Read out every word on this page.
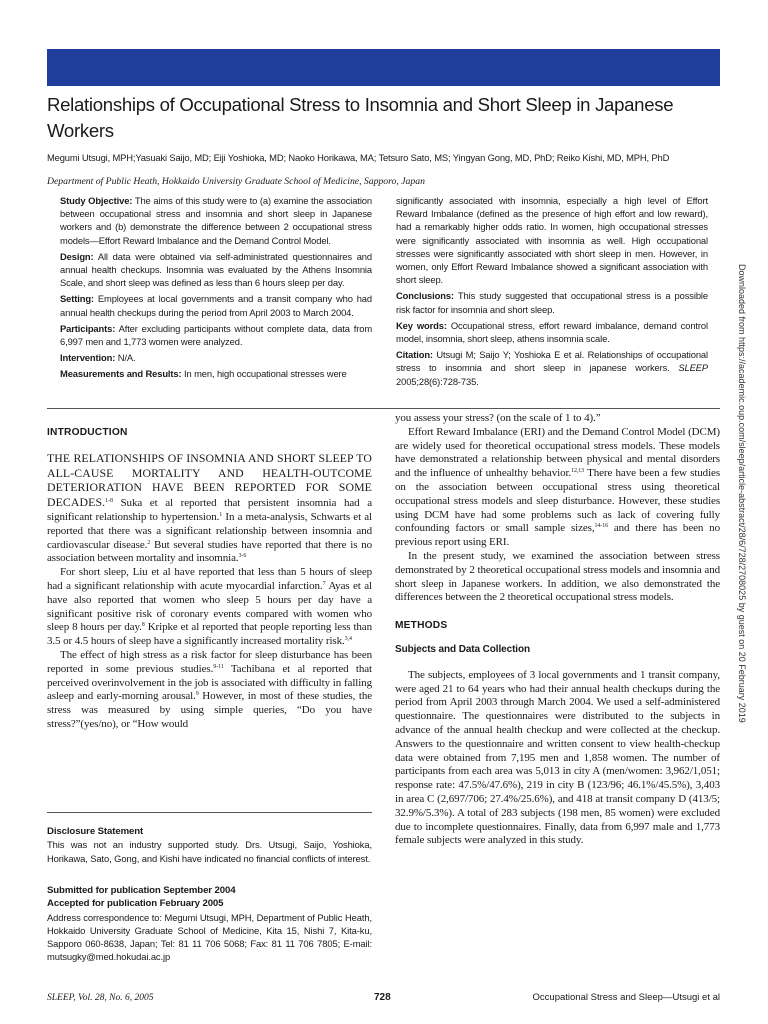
Relationships of Occupational Stress to Insomnia and Short Sleep in Japanese Workers
Megumi Utsugi, MPH;Yasuaki Saijo, MD; Eiji Yoshioka, MD; Naoko Horikawa, MA; Tetsuro Sato, MS; Yingyan Gong, MD, PhD; Reiko Kishi, MD, MPH, PhD
Department of Public Heath, Hokkaido University Graduate School of Medicine, Sapporo, Japan

Study Objective: The aims of this study were to (a) examine the association between occupational stress and insomnia and short sleep in Japanese workers and (b) demonstrate the difference between 2 occupational stress models—Effort Reward Imbalance and the Demand Control Model.

Design: All data were obtained via self-administrated questionnaires and annual health checkups. Insomnia was evaluated by the Athens Insomnia Scale, and short sleep was defined as less than 6 hours sleep per day.

Setting: Employees at local governments and a transit company who had annual health checkups during the period from April 2003 to March 2004.

Participants: After excluding participants without complete data, data from 6,997 men and 1,773 women were analyzed.

Intervention: N/A.

Measurements and Results: In men, high occupational stresses were

significantly associated with insomnia, especially a high level of Effort Reward Imbalance (defined as the presence of high effort and low reward), had a remarkably higher odds ratio. In women, high occupational stresses were significantly associated with insomnia as well. High occupational stresses were significantly associated with short sleep in men. However, in women, only Effort Reward Imbalance showed a significant association with short sleep.

Conclusions: This study suggested that occupational stress is a possible risk factor for insomnia and short sleep.

Key words: Occupational stress, effort reward imbalance, demand control model, insomnia, short sleep, athens insomnia scale.

Citation: Utsugi M; Saijo Y; Yoshioka E et al. Relationships of occupational stress to insomnia and short sleep in japanese workers. SLEEP 2005;28(6):728-735.

INTRODUCTION

THE RELATIONSHIPS OF INSOMNIA AND SHORT SLEEP TO ALL-CAUSE MORTALITY AND HEALTH-OUTCOME DETERIORATION HAVE BEEN REPORTED FOR SOME DECADES.$^{1-8}$ Suka et al reported that persistent insomnia had a significant relationship to hypertension.$^1$ In a meta-analysis, Schwarts et al reported that there was a significant relationship between insomnia and cardiovascular disease.$^2$ But several studies have reported that there is no association between mortality and insomnia.$^{3-6}$

For short sleep, Liu et al have reported that less than 5 hours of sleep had a significant relationship with acute myocardial infarction.$^7$ Ayas et al have also reported that women who sleep 5 hours per day have a significant positive risk of coronary events compared with women who sleep 8 hours per day.$^8$ Kripke et al reported that people reporting less than 3.5 or 4.5 hours of sleep have a significantly increased mortality risk.$^{3,4}$

The effect of high stress as a risk factor for sleep disturbance has been reported in some previous studies.$^{9-11}$ Tachibana et al reported that perceived overinvolvement in the job is associated with difficulty in falling asleep and early-morning arousal.$^9$ However, in most of these studies, the stress was measured by using simple queries, “Do you have stress?”(yes/no), or “How would

Disclosure Statement
This was not an industry supported study. Drs. Utsugi, Saijo, Yoshioka, Horikawa, Sato, Gong, and Kishi have indicated no financial conflicts of interest.
Submitted for publication September 2004
Accepted for publication February 2005
Address correspondence to: Megumi Utsugi, MPH, Department of Public Heath, Hokkaido University Graduate School of Medicine, Kita 15, Nishi 7, Kita-ku, Sapporo 060-8638, Japan; Tel: 81 11 706 5068; Fax: 81 11 706 7805; E-mail: mutsugky@med.hokudai.ac.jp

you assess your stress? (on the scale of 1 to 4).”

Effort Reward Imbalance (ERI) and the Demand Control Model (DCM) are widely used for theoretical occupational stress models. These models have demonstrated a relationship between physical and mental disorders and the influence of unhealthy behavior.$^{12,13}$ There have been a few studies on the association between occupational stress using theoretical occupational stress models and sleep disturbance. However, these studies using DCM have had some problems such as lack of covering fully confounding factors or small sample sizes,$^{14-16}$ and there has been no previous report using ERI.

In the present study, we examined the association between stress demonstrated by 2 theoretical occupational stress models and insomnia and short sleep in Japanese workers. In addition, we also demonstrated the differences between the 2 theoretical occupational stress models.

METHODS
Subjects and Data Collection

The subjects, employees of 3 local governments and 1 transit company, were aged 21 to 64 years who had their annual health checkups during the period from April 2003 through March 2004. We used a self-administered questionnaire. The questionnaires were distributed to the subjects in advance of the annual health checkup and were collected at the checkup. Answers to the questionnaire and written consent to view health-checkup data were obtained from 7,195 men and 1,858 women. The number of participants from each area was 5,013 in city A (men/women: 3,962/1,051; response rate: 47.5%/47.6%), 219 in city B (123/96; 46.1%/45.5%), 3,403 in area C (2,697/706; 27.4%/25.6%), and 418 at transit company D (413/5; 32.9%/5.3%). A total of 283 subjects (198 men, 85 women) were excluded due to incomplete questionnaires. Finally, data from 6,997 male and 1,773 female subjects were analyzed in this study.

Downloaded from https://academic.oup.com/sleep/article-abstract/28/6/728/2708025 by guest on 20 February 2019
SLEEP, Vol. 28, No. 6, 2005	728	Occupational Stress and Sleep—Utsugi et al
